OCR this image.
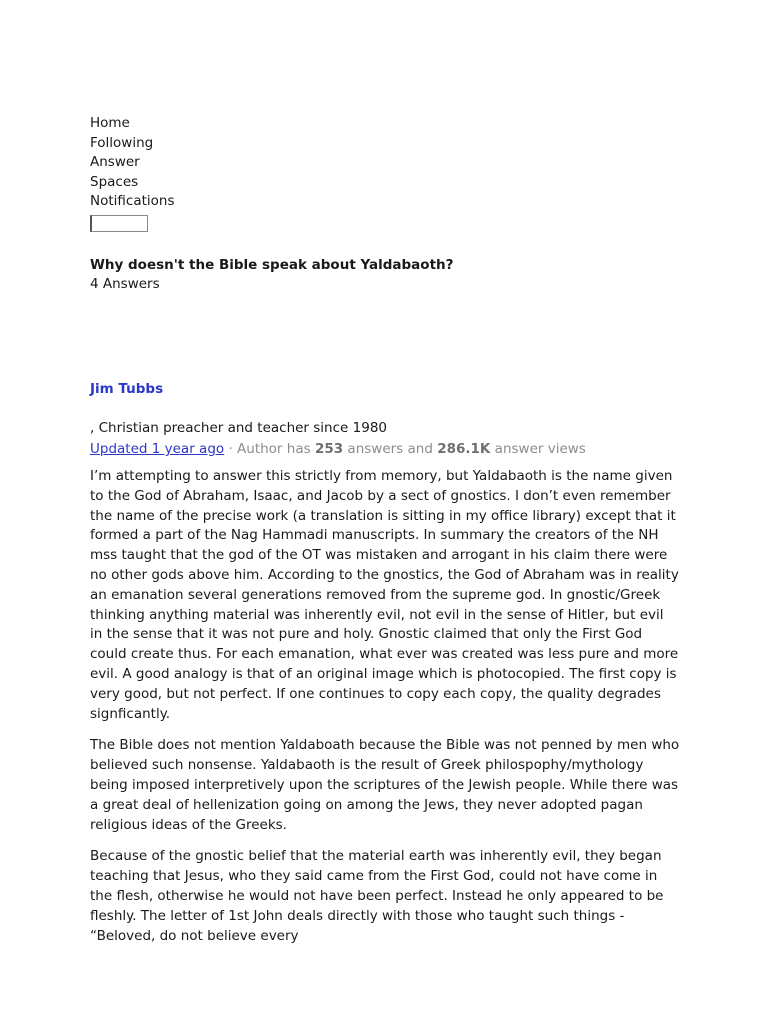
Home
Following
Answer
Spaces
Notifications
Why doesn't the Bible speak about Yaldabaoth?
4 Answers
Jim Tubbs
, Christian preacher and teacher since 1980
Updated 1 year ago · Author has 253 answers and 286.1K answer views

I’m attempting to answer this strictly from memory, but Yaldabaoth is the name given to the God of Abraham, Isaac, and Jacob by a sect of gnostics. I don’t even remember the name of the precise work (a translation is sitting in my office library) except that it formed a part of the Nag Hammadi manuscripts. In summary the creators of the NH mss taught that the god of the OT was mistaken and arrogant in his claim there were no other gods above him. According to the gnostics, the God of Abraham was in reality an emanation several generations removed from the supreme god. In gnostic/Greek thinking anything material was inherently evil, not evil in the sense of Hitler, but evil in the sense that it was not pure and holy. Gnostic claimed that only the First God could create thus. For each emanation, what ever was created was less pure and more evil. A good analogy is that of an original image which is photocopied. The first copy is very good, but not perfect. If one continues to copy each copy, the quality degrades signficantly.

The Bible does not mention Yaldaboath because the Bible was not penned by men who believed such nonsense. Yaldabaoth is the result of Greek philospophy/mythology being imposed interpretively upon the scriptures of the Jewish people. While there was a great deal of hellenization going on among the Jews, they never adopted pagan religious ideas of the Greeks.

Because of the gnostic belief that the material earth was inherently evil, they began teaching that Jesus, who they said came from the First God, could not have come in the flesh, otherwise he would not have been perfect. Instead he only appeared to be fleshly. The letter of 1st John deals directly with those who taught such things - “Beloved, do not believe every
